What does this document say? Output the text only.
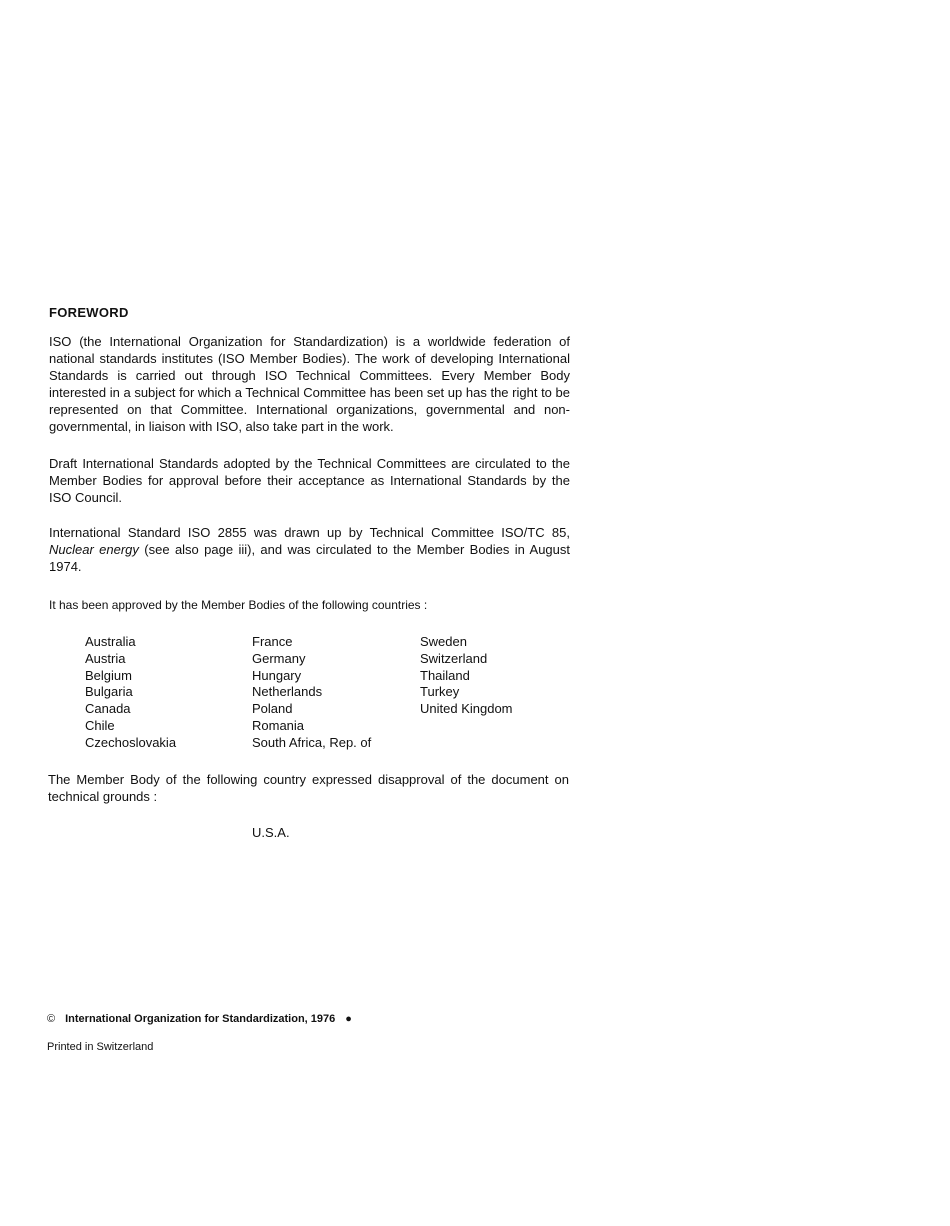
FOREWORD

ISO (the International Organization for Standardization) is a worldwide federation of national standards institutes (ISO Member Bodies). The work of developing International Standards is carried out through ISO Technical Committees. Every Member Body interested in a subject for which a Technical Committee has been set up has the right to be represented on that Committee. International organizations, governmental and non-governmental, in liaison with ISO, also take part in the work.

Draft International Standards adopted by the Technical Committees are circulated to the Member Bodies for approval before their acceptance as International Standards by the ISO Council.

International Standard ISO 2855 was drawn up by Technical Committee ISO/TC 85, Nuclear energy (see also page iii), and was circulated to the Member Bodies in August 1974.

It has been approved by the Member Bodies of the following countries :

Australia
Austria
Belgium
Bulgaria
Canada
Chile
Czechoslovakia
France
Germany
Hungary
Netherlands
Poland
Romania
South Africa, Rep. of
Sweden
Switzerland
Thailand
Turkey
United Kingdom

The Member Body of the following country expressed disapproval of the document on technical grounds :

U.S.A.
© International Organization for Standardization, 1976 ●
Printed in Switzerland
